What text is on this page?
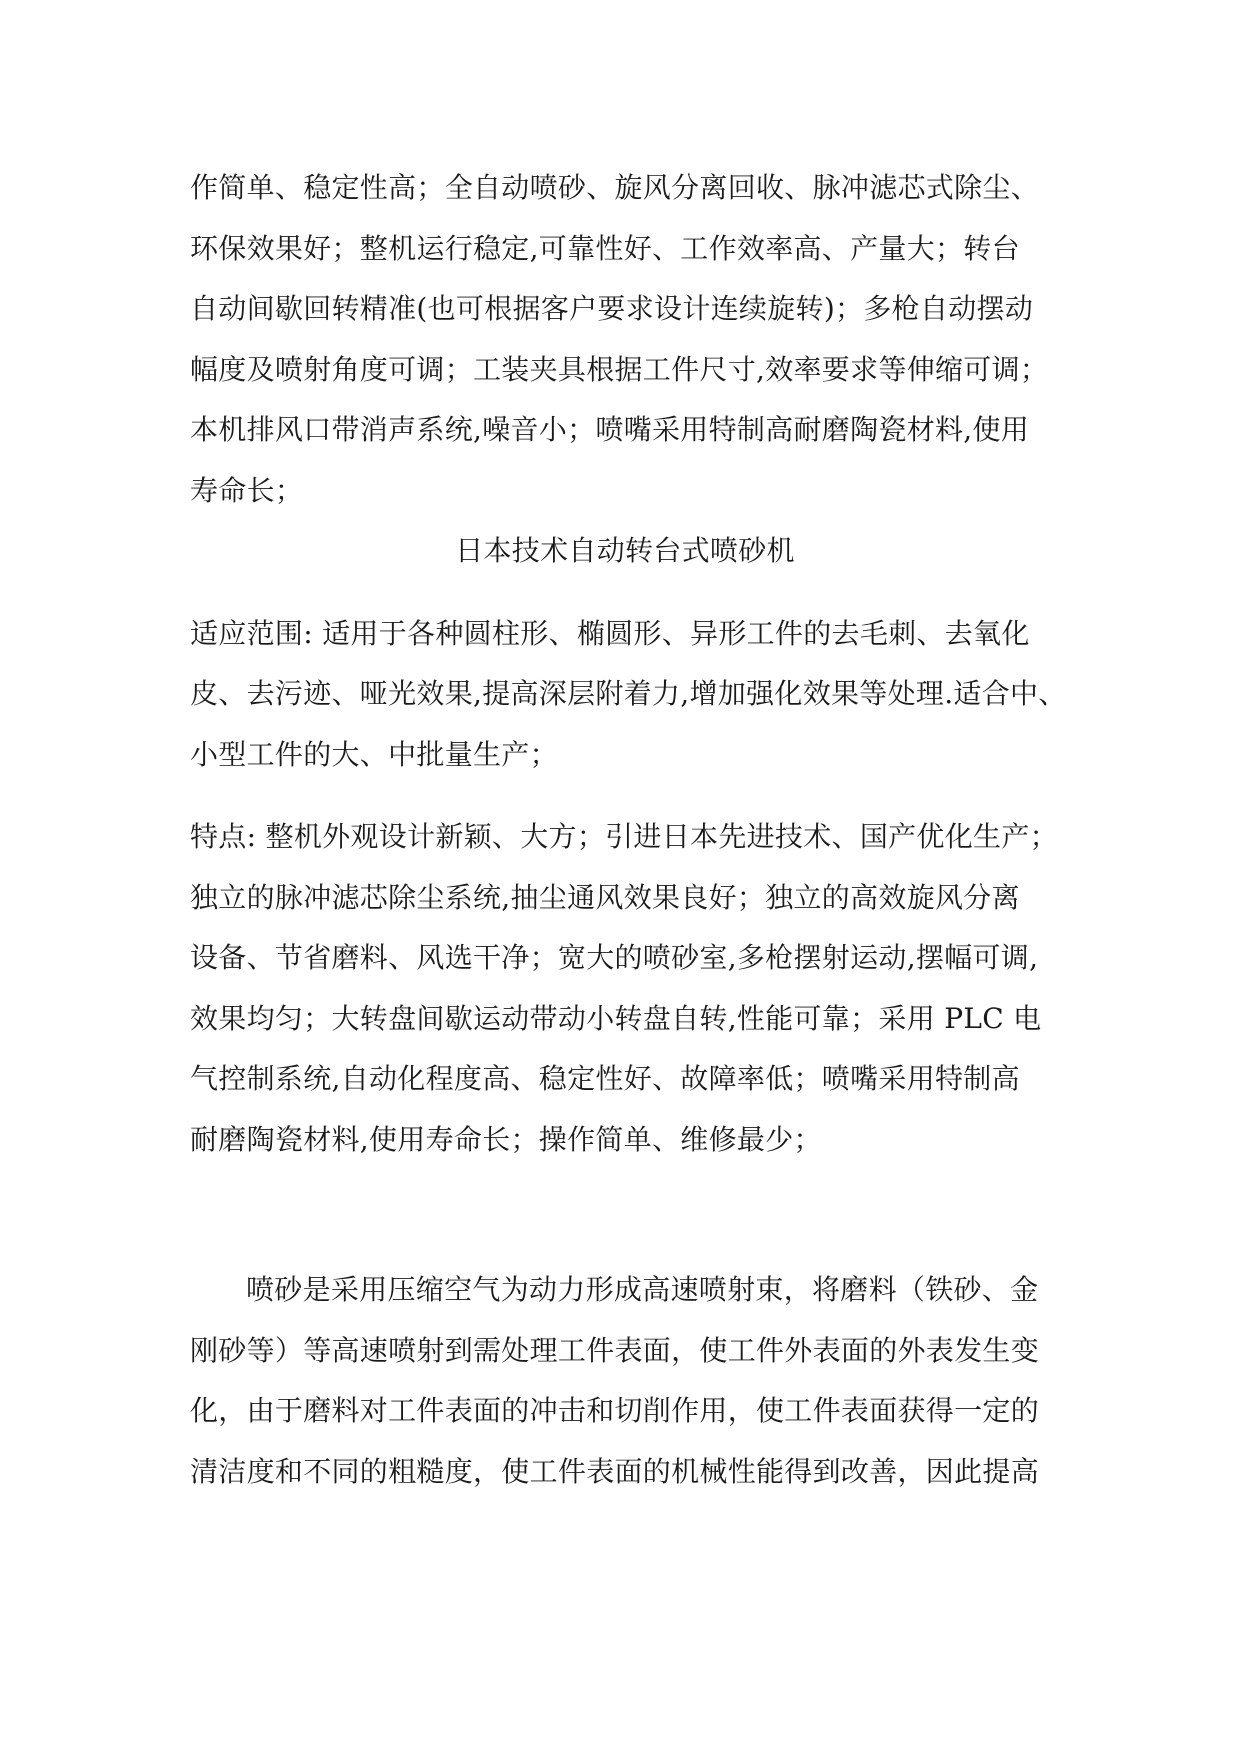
作简单、稳定性高；全自动喷砂、旋风分离回收、脉冲滤芯式除尘、
环保效果好；整机运行稳定,可靠性好、工作效率高、产量大；转台
自动间歇回转精准(也可根据客户要求设计连续旋转)；多枪自动摆动
幅度及喷射角度可调；工装夹具根据工件尺寸,效率要求等伸缩可调；
本机排风口带消声系统,噪音小；喷嘴采用特制高耐磨陶瓷材料,使用
寿命长；
日本技术自动转台式喷砂机
适应范围: 适用于各种圆柱形、椭圆形、异形工件的去毛刺、去氧化
皮、去污迹、哑光效果,提高深层附着力,增加强化效果等处理.适合中、
小型工件的大、中批量生产；
特点: 整机外观设计新颖、大方；引进日本先进技术、国产优化生产；
独立的脉冲滤芯除尘系统,抽尘通风效果良好；独立的高效旋风分离
设备、节省磨料、风选干净；宽大的喷砂室,多枪摆射运动,摆幅可调,
效果均匀；大转盘间歇运动带动小转盘自转,性能可靠；采用 PLC 电
气控制系统,自动化程度高、稳定性好、故障率低；喷嘴采用特制高
耐磨陶瓷材料,使用寿命长；操作简单、维修最少；
喷砂是采用压缩空气为动力形成高速喷射束，将磨料（铁砂、金
刚砂等）等高速喷射到需处理工件表面，使工件外表面的外表发生变
化，由于磨料对工件表面的冲击和切削作用，使工件表面获得一定的
清洁度和不同的粗糙度，使工件表面的机械性能得到改善，因此提高
